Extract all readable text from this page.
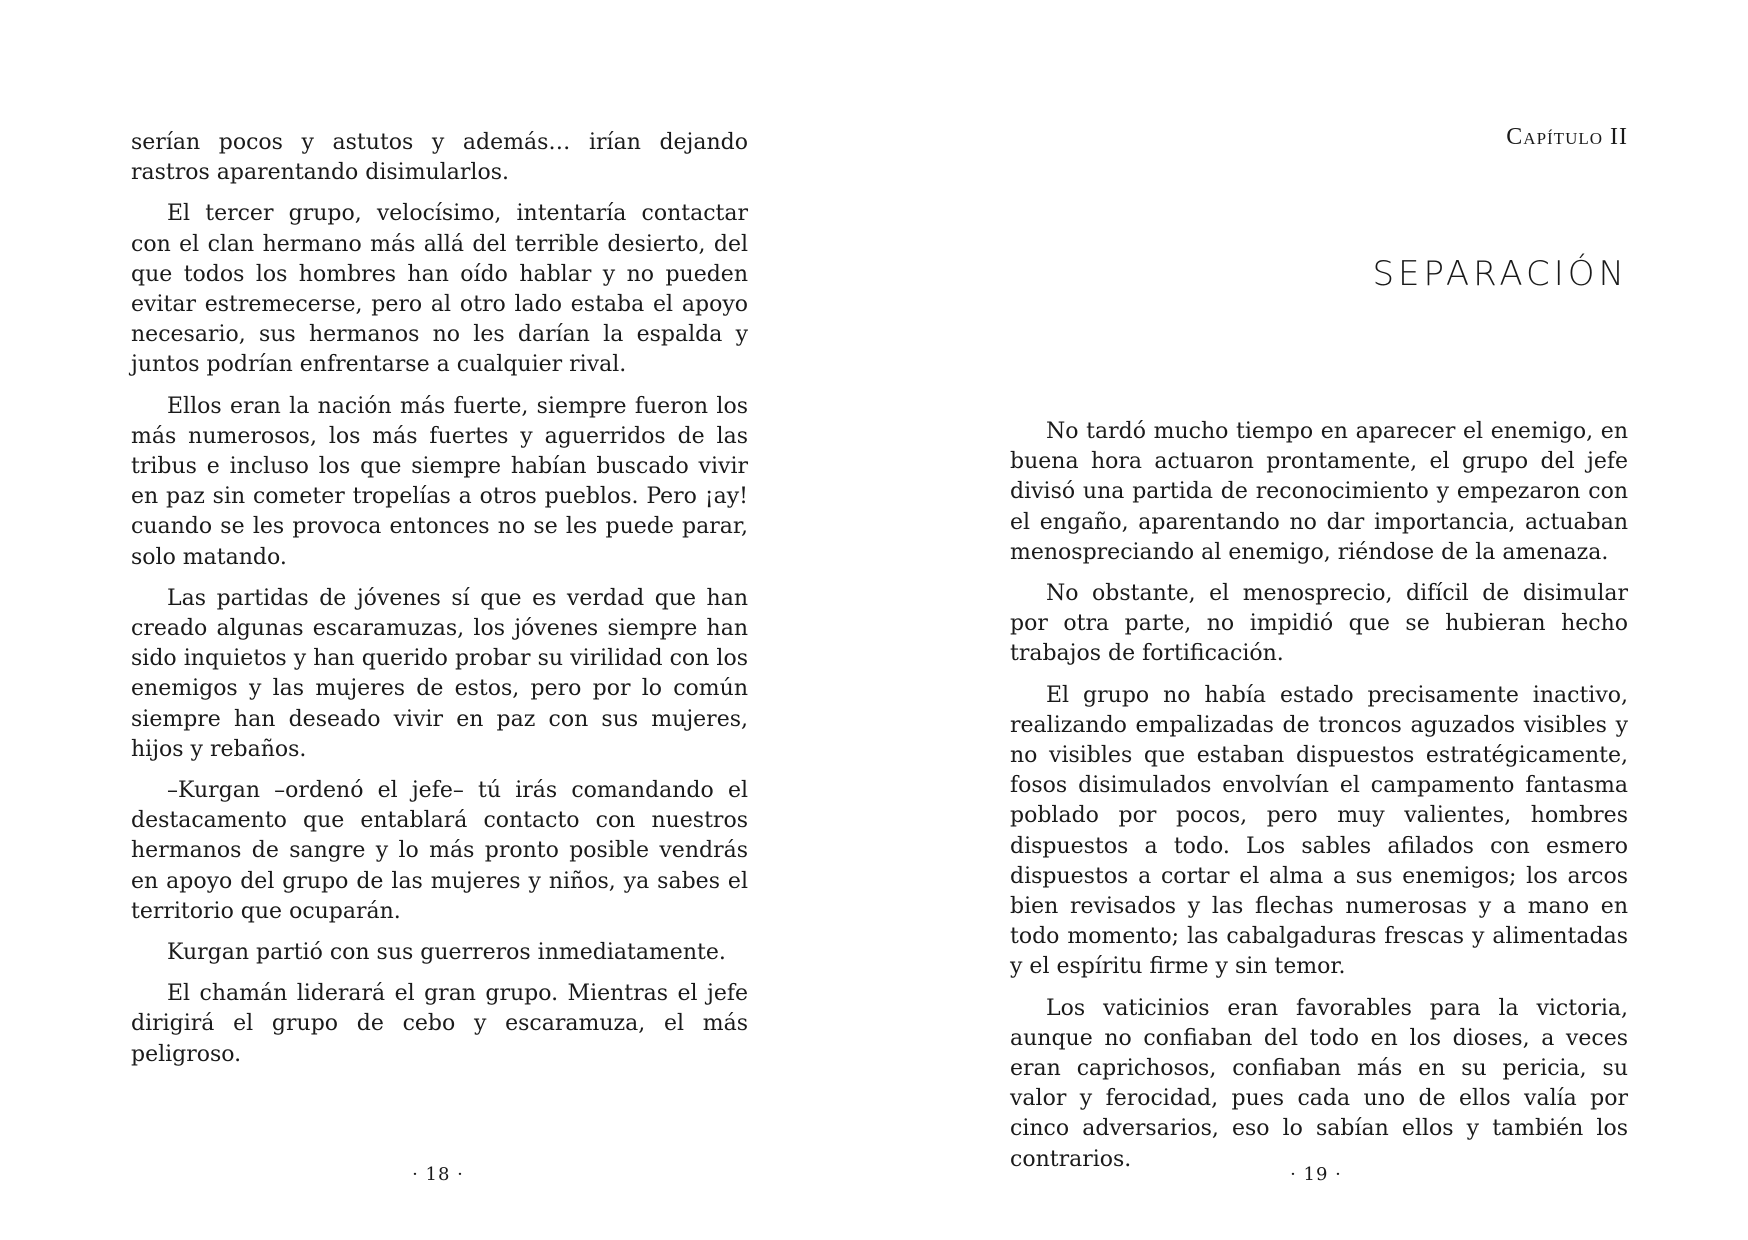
serían pocos y astutos y además… irían dejando rastros aparentando disimularlos.

El tercer grupo, velocísimo, intentaría contactar con el clan hermano más allá del terrible desierto, del que todos los hombres han oído hablar y no pueden evitar estremecerse, pero al otro lado estaba el apoyo necesario, sus hermanos no les darían la espalda y juntos podrían enfrentarse a cualquier rival.

Ellos eran la nación más fuerte, siempre fueron los más numerosos, los más fuertes y aguerridos de las tribus e incluso los que siempre habían buscado vivir en paz sin cometer tropelías a otros pueblos. Pero ¡ay! cuando se les provoca entonces no se les puede parar, solo matando.

Las partidas de jóvenes sí que es verdad que han creado algunas escaramuzas, los jóvenes siempre han sido inquietos y han querido probar su virilidad con los enemigos y las mujeres de estos, pero por lo común siempre han deseado vivir en paz con sus mujeres, hijos y rebaños.

–Kurgan –ordenó el jefe– tú irás comandando el destacamento que entablará contacto con nuestros hermanos de sangre y lo más pronto posible vendrás en apoyo del grupo de las mujeres y niños, ya sabes el territorio que ocuparán.

Kurgan partió con sus guerreros inmediatamente.

El chamán liderará el gran grupo. Mientras el jefe dirigirá el grupo de cebo y escaramuza, el más peligroso.

· 18 ·
Capítulo II
SEPARACIÓN

No tardó mucho tiempo en aparecer el enemigo, en buena hora actuaron prontamente, el grupo del jefe divisó una partida de reconocimiento y empezaron con el engaño, aparentando no dar importancia, actuaban menospreciando al enemigo, riéndose de la amenaza.

No obstante, el menosprecio, difícil de disimular por otra parte, no impidió que se hubieran hecho trabajos de fortificación.

El grupo no había estado precisamente inactivo, realizando empalizadas de troncos aguzados visibles y no visibles que estaban dispuestos estratégicamente, fosos disimulados envolvían el campamento fantasma poblado por pocos, pero muy valientes, hombres dispuestos a todo. Los sables afilados con esmero dispuestos a cortar el alma a sus enemigos; los arcos bien revisados y las flechas numerosas y a mano en todo momento; las cabalgaduras frescas y alimentadas y el espíritu firme y sin temor.

Los vaticinios eran favorables para la victoria, aunque no confiaban del todo en los dioses, a veces eran caprichosos, confiaban más en su pericia, su valor y ferocidad, pues cada uno de ellos valía por cinco adversarios, eso lo sabían ellos y también los contrarios.

· 19 ·
